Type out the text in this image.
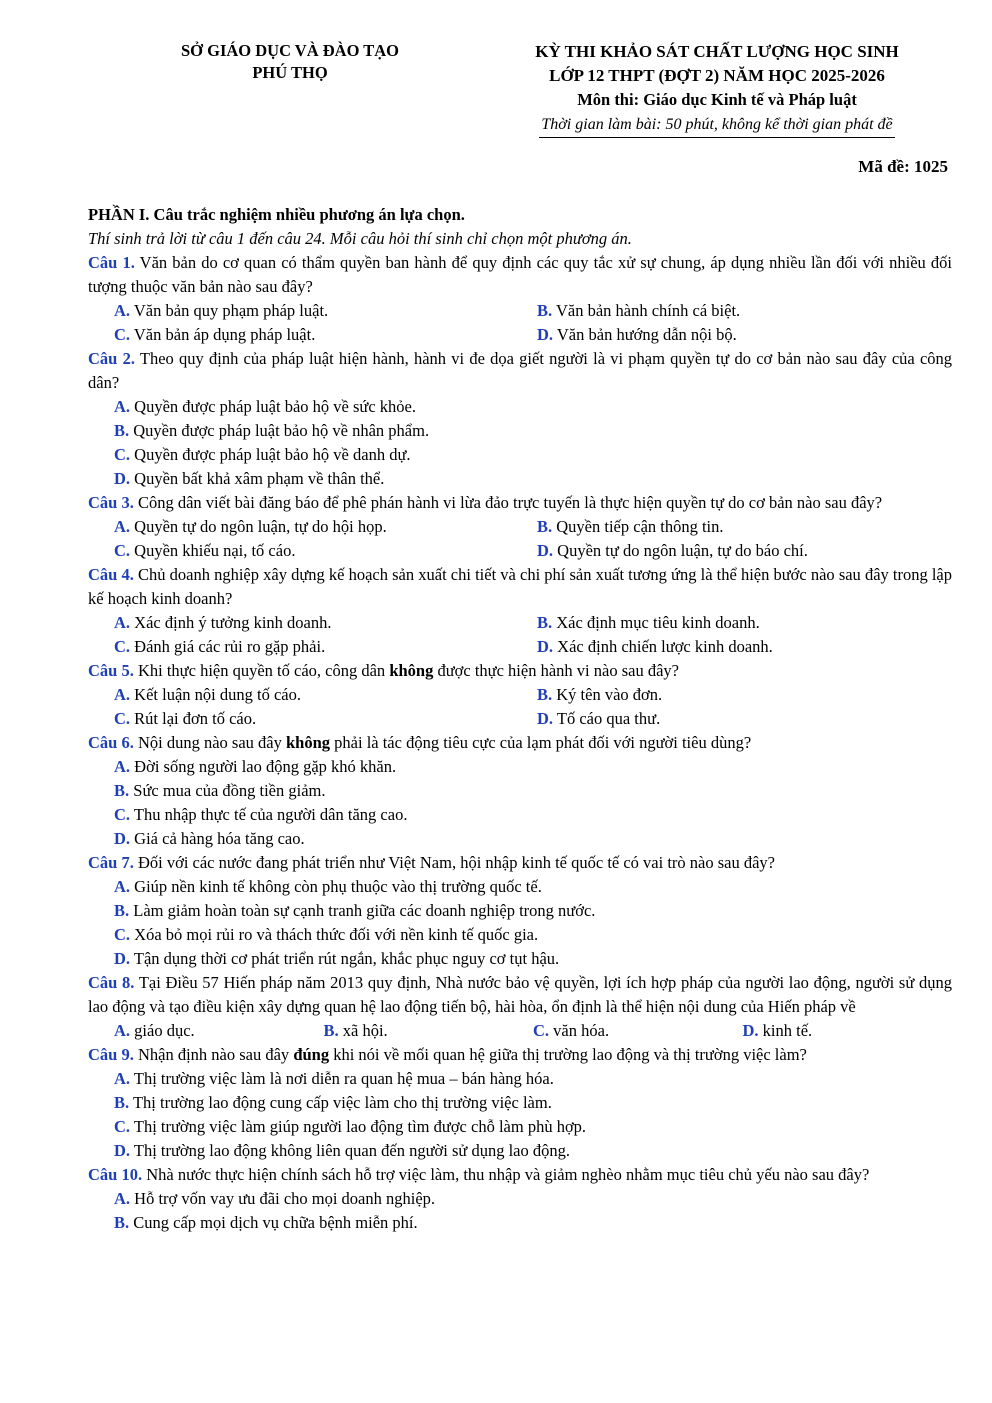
SỞ GIÁO DỤC VÀ ĐÀO TẠO
PHÚ THỌ
KỲ THI KHẢO SÁT CHẤT LƯỢNG HỌC SINH
LỚP 12 THPT (ĐỢT 2) NĂM HỌC 2025-2026
Môn thi: Giáo dục Kinh tế và Pháp luật
Thời gian làm bài: 50 phút, không kể thời gian phát đề
Mã đề: 1025
PHẦN I. Câu trắc nghiệm nhiều phương án lựa chọn.
Thí sinh trả lời từ câu 1 đến câu 24. Mỗi câu hỏi thí sinh chỉ chọn một phương án.
Câu 1. Văn bản do cơ quan có thẩm quyền ban hành để quy định các quy tắc xử sự chung, áp dụng nhiều lần đối với nhiều đối tượng thuộc văn bản nào sau đây?
A. Văn bản quy phạm pháp luật.	B. Văn bản hành chính cá biệt.
C. Văn bản áp dụng pháp luật.	D. Văn bản hướng dẫn nội bộ.
Câu 2. Theo quy định của pháp luật hiện hành, hành vi đe dọa giết người là vi phạm quyền tự do cơ bản nào sau đây của công dân?
A. Quyền được pháp luật bảo hộ về sức khỏe.
B. Quyền được pháp luật bảo hộ về nhân phẩm.
C. Quyền được pháp luật bảo hộ về danh dự.
D. Quyền bất khả xâm phạm về thân thể.
Câu 3. Công dân viết bài đăng báo để phê phán hành vi lừa đảo trực tuyến là thực hiện quyền tự do cơ bản nào sau đây?
A. Quyền tự do ngôn luận, tự do hội họp.	B. Quyền tiếp cận thông tin.
C. Quyền khiếu nại, tố cáo.	D. Quyền tự do ngôn luận, tự do báo chí.
Câu 4. Chủ doanh nghiệp xây dựng kế hoạch sản xuất chi tiết và chi phí sản xuất tương ứng là thể hiện bước nào sau đây trong lập kế hoạch kinh doanh?
A. Xác định ý tưởng kinh doanh.	B. Xác định mục tiêu kinh doanh.
C. Đánh giá các rủi ro gặp phải.	D. Xác định chiến lược kinh doanh.
Câu 5. Khi thực hiện quyền tố cáo, công dân không được thực hiện hành vi nào sau đây?
A. Kết luận nội dung tố cáo.	B. Ký tên vào đơn.
C. Rút lại đơn tố cáo.	D. Tố cáo qua thư.
Câu 6. Nội dung nào sau đây không phải là tác động tiêu cực của lạm phát đối với người tiêu dùng?
A. Đời sống người lao động gặp khó khăn.
B. Sức mua của đồng tiền giảm.
C. Thu nhập thực tế của người dân tăng cao.
D. Giá cả hàng hóa tăng cao.
Câu 7. Đối với các nước đang phát triển như Việt Nam, hội nhập kinh tế quốc tế có vai trò nào sau đây?
A. Giúp nền kinh tế không còn phụ thuộc vào thị trường quốc tế.
B. Làm giảm hoàn toàn sự cạnh tranh giữa các doanh nghiệp trong nước.
C. Xóa bỏ mọi rủi ro và thách thức đối với nền kinh tế quốc gia.
D. Tận dụng thời cơ phát triển rút ngắn, khắc phục nguy cơ tụt hậu.
Câu 8. Tại Điều 57 Hiến pháp năm 2013 quy định, Nhà nước bảo vệ quyền, lợi ích hợp pháp của người lao động, người sử dụng lao động và tạo điều kiện xây dựng quan hệ lao động tiến bộ, hài hòa, ổn định là thể hiện nội dung của Hiến pháp về
A. giáo dục.	B. xã hội.	C. văn hóa.	D. kinh tế.
Câu 9. Nhận định nào sau đây đúng khi nói về mối quan hệ giữa thị trường lao động và thị trường việc làm?
A. Thị trường việc làm là nơi diễn ra quan hệ mua – bán hàng hóa.
B. Thị trường lao động cung cấp việc làm cho thị trường việc làm.
C. Thị trường việc làm giúp người lao động tìm được chỗ làm phù hợp.
D. Thị trường lao động không liên quan đến người sử dụng lao động.
Câu 10. Nhà nước thực hiện chính sách hỗ trợ việc làm, thu nhập và giảm nghèo nhằm mục tiêu chủ yếu nào sau đây?
A. Hỗ trợ vốn vay ưu đãi cho mọi doanh nghiệp.
B. Cung cấp mọi dịch vụ chữa bệnh miễn phí.
